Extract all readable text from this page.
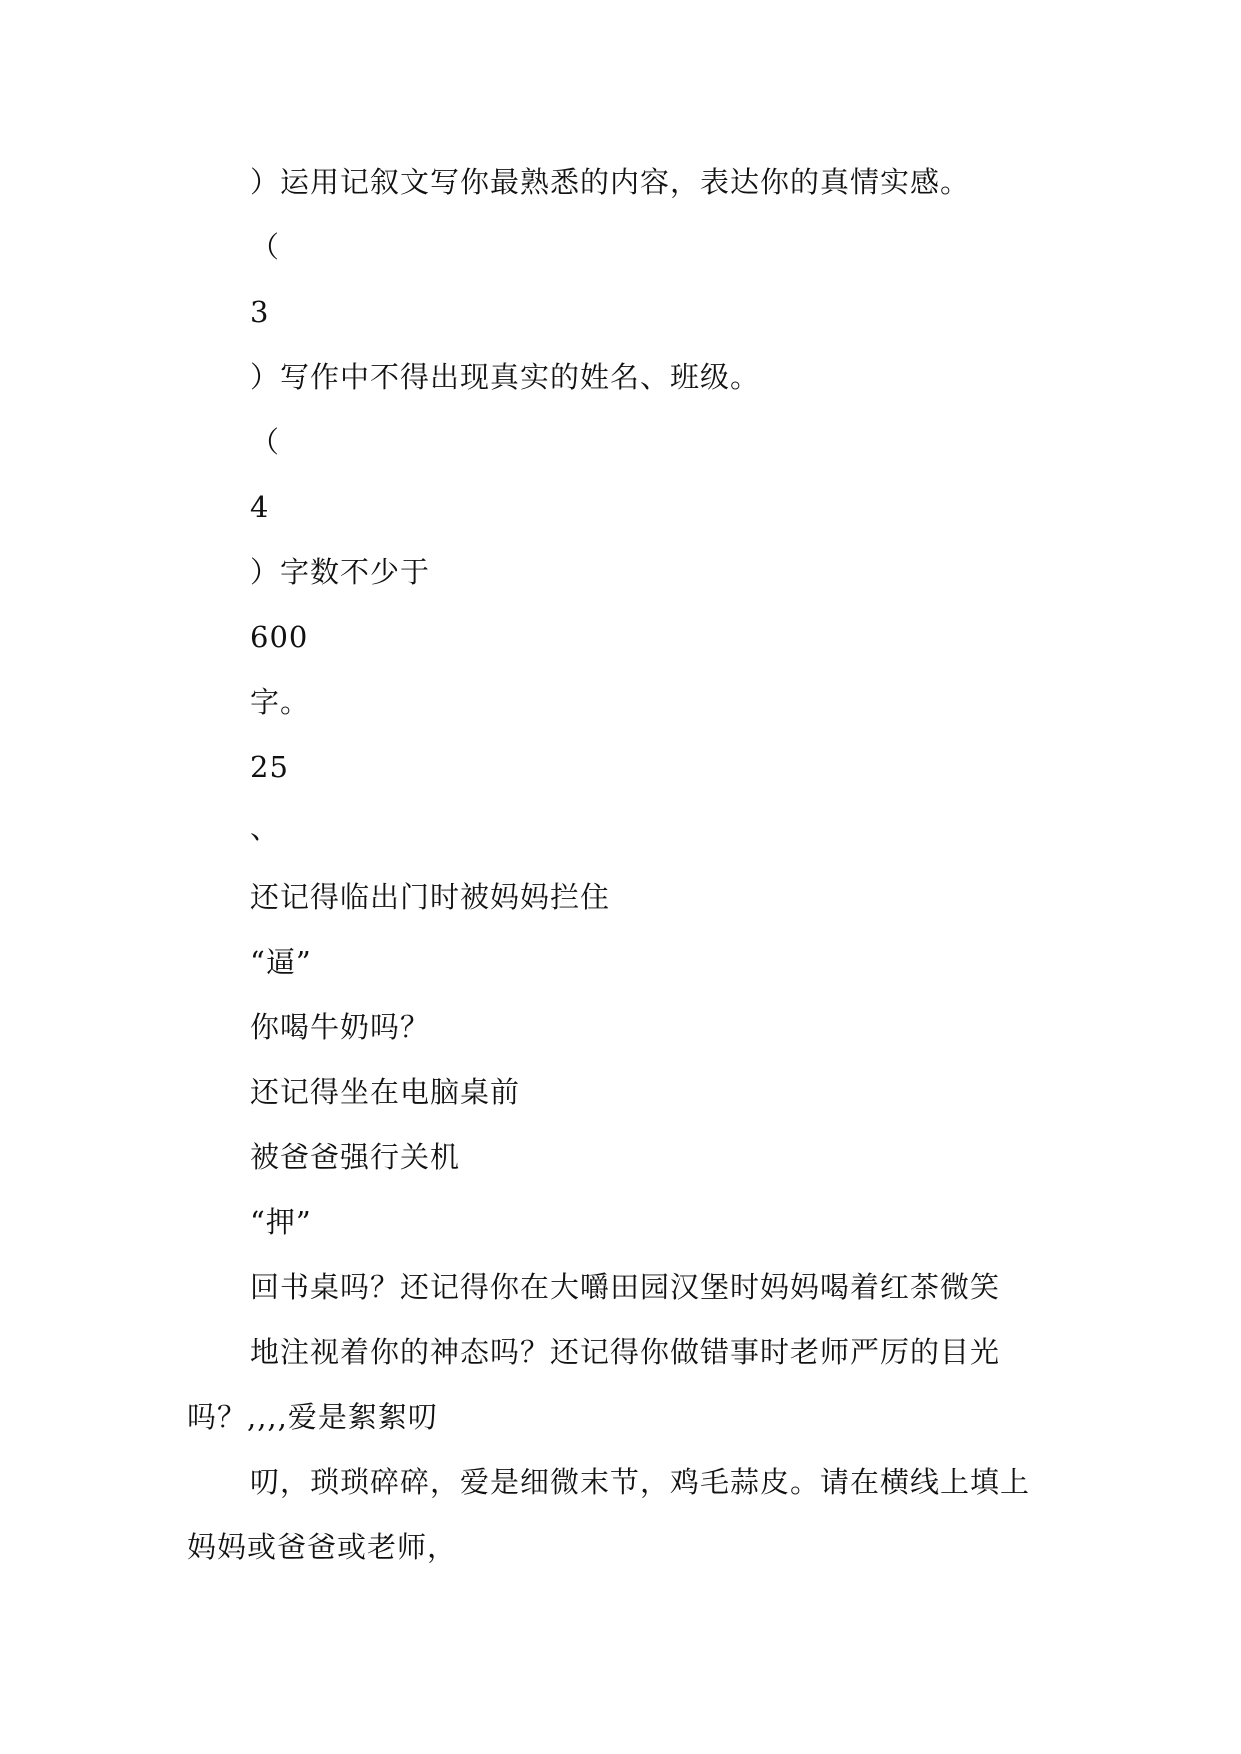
）运用记叙文写你最熟悉的内容，表达你的真情实感。
（
3
）写作中不得出现真实的姓名、班级。
（
4
）字数不少于
600
字。
25
、
还记得临出门时被妈妈拦住
“逼”
你喝牛奶吗？
还记得坐在电脑桌前
被爸爸强行关机
“押”
回书桌吗？还记得你在大嚼田园汉堡时妈妈喝着红茶微笑
地注视着你的神态吗？还记得你做错事时老师严厉的目光
吗？,,,,爱是絮絮叨
叨，琐琐碎碎，爱是细微末节，鸡毛蒜皮。请在横线上填上
妈妈或爸爸或老师，
